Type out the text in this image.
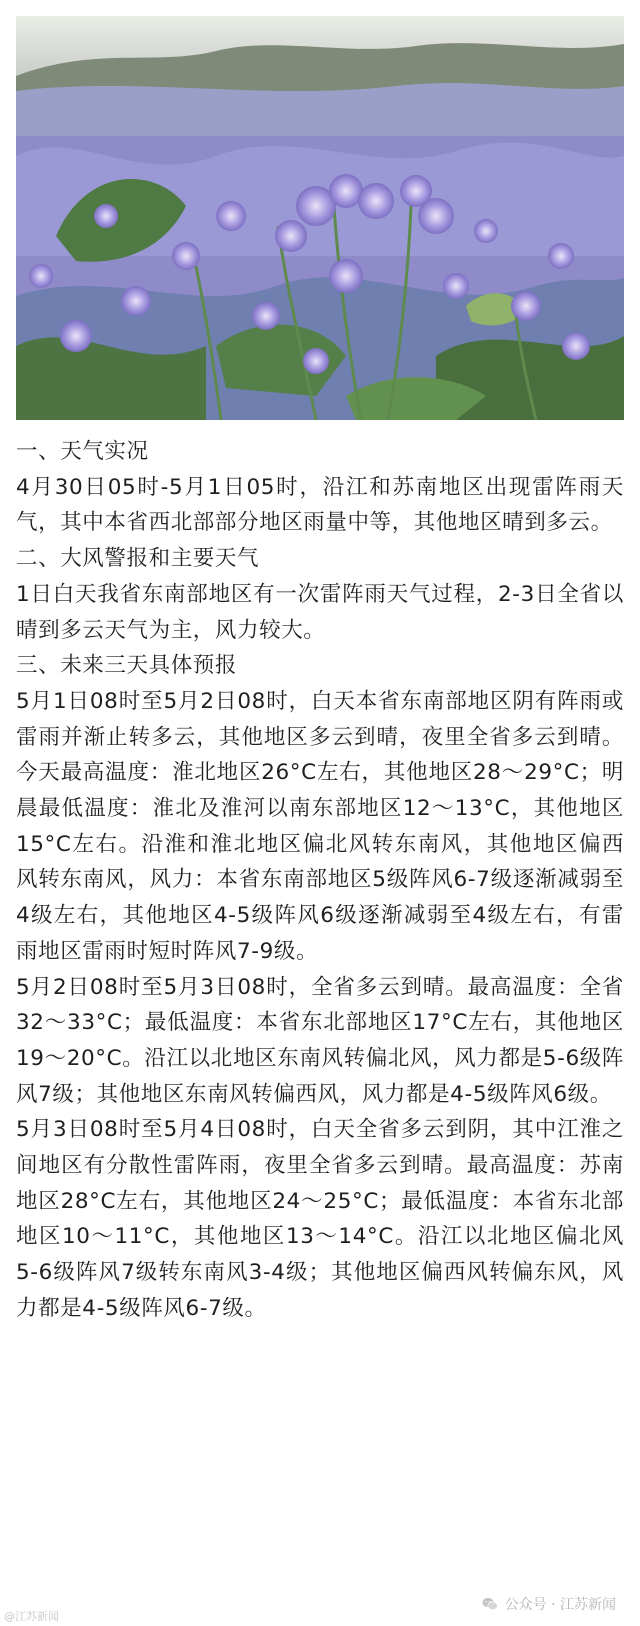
一、天气实况

4月30日05时-5月1日05时，沿江和苏南地区出现雷阵雨天气，其中本省西北部部分地区雨量中等，其他地区晴到多云。

二、大风警报和主要天气

1日白天我省东南部地区有一次雷阵雨天气过程，2-3日全省以晴到多云天气为主，风力较大。

三、未来三天具体预报

5月1日08时至5月2日08时，白天本省东南部地区阴有阵雨或雷雨并渐止转多云，其他地区多云到晴，夜里全省多云到晴。今天最高温度：淮北地区26°C左右，其他地区28～29°C；明晨最低温度：淮北及淮河以南东部地区12～13°C，其他地区15°C左右。沿淮和淮北地区偏北风转东南风，其他地区偏西风转东南风，风力：本省东南部地区5级阵风6-7级逐渐减弱至4级左右，其他地区4-5级阵风6级逐渐减弱至4级左右，有雷雨地区雷雨时短时阵风7-9级。

5月2日08时至5月3日08时，全省多云到晴。最高温度：全省32～33°C；最低温度：本省东北部地区17°C左右，其他地区19～20°C。沿江以北地区东南风转偏北风，风力都是5-6级阵风7级；其他地区东南风转偏西风，风力都是4-5级阵风6级。

5月3日08时至5月4日08时，白天全省多云到阴，其中江淮之间地区有分散性雷阵雨，夜里全省多云到晴。最高温度：苏南地区28°C左右，其他地区24～25°C；最低温度：本省东北部地区10～11°C，其他地区13～14°C。沿江以北地区偏北风5-6级阵风7级转东南风3-4级；其他地区偏西风转偏东风，风力都是4-5级阵风6-7级。

公众号 · 江苏新闻
@江苏新闻
